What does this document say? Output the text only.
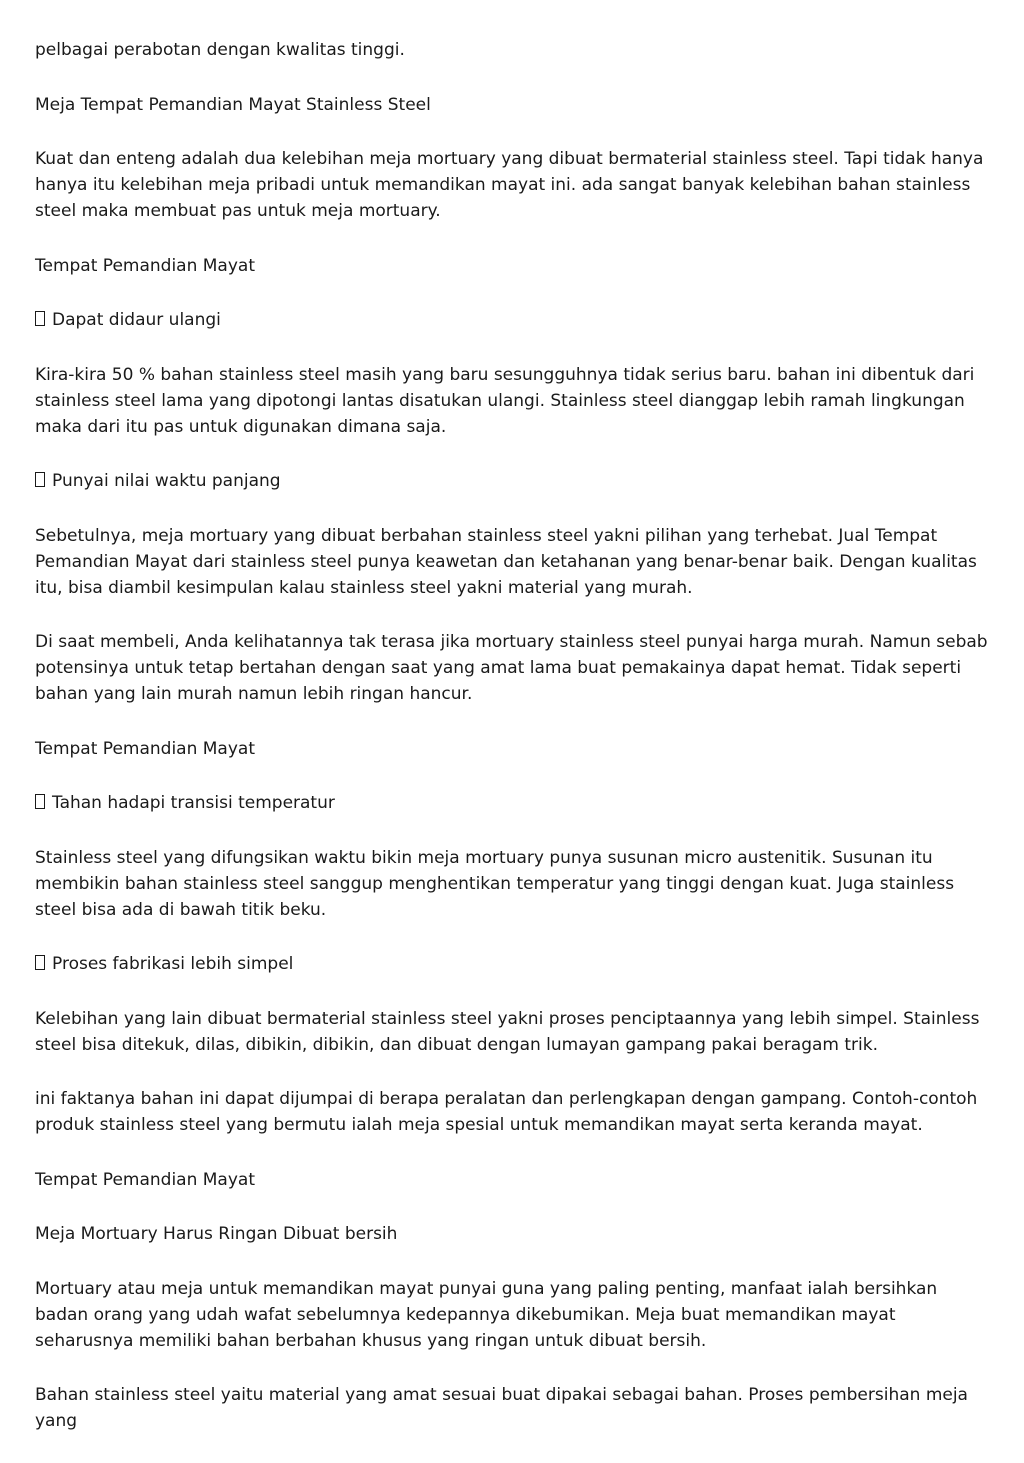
pelbagai perabotan dengan kwalitas tinggi.

Meja Tempat Pemandian Mayat Stainless Steel

Kuat dan enteng adalah dua kelebihan meja mortuary yang dibuat bermaterial stainless steel. Tapi tidak hanya hanya itu kelebihan meja pribadi untuk memandikan mayat ini. ada sangat banyak kelebihan bahan stainless steel maka membuat pas untuk meja mortuary.

Tempat Pemandian Mayat

Dapat didaur ulangi

Kira-kira 50 % bahan stainless steel masih yang baru sesungguhnya tidak serius baru. bahan ini dibentuk dari stainless steel lama yang dipotongi lantas disatukan ulangi. Stainless steel dianggap lebih ramah lingkungan maka dari itu pas untuk digunakan dimana saja.

Punyai nilai waktu panjang

Sebetulnya, meja mortuary yang dibuat berbahan stainless steel yakni pilihan yang terhebat. Jual Tempat Pemandian Mayat dari stainless steel punya keawetan dan ketahanan yang benar-benar baik. Dengan kualitas itu, bisa diambil kesimpulan kalau stainless steel yakni material yang murah.

Di saat membeli, Anda kelihatannya tak terasa jika mortuary stainless steel punyai harga murah. Namun sebab potensinya untuk tetap bertahan dengan saat yang amat lama buat pemakainya dapat hemat. Tidak seperti bahan yang lain murah namun lebih ringan hancur.

Tempat Pemandian Mayat

Tahan hadapi transisi temperatur

Stainless steel yang difungsikan waktu bikin meja mortuary punya susunan micro austenitik. Susunan itu membikin bahan stainless steel sanggup menghentikan temperatur yang tinggi dengan kuat. Juga stainless steel bisa ada di bawah titik beku.

Proses fabrikasi lebih simpel

Kelebihan yang lain dibuat bermaterial stainless steel yakni proses penciptaannya yang lebih simpel. Stainless steel bisa ditekuk, dilas, dibikin, dibikin, dan dibuat dengan lumayan gampang pakai beragam trik.

ini faktanya bahan ini dapat dijumpai di berapa peralatan dan perlengkapan dengan gampang. Contoh-contoh produk stainless steel yang bermutu ialah meja spesial untuk memandikan mayat serta keranda mayat.

Tempat Pemandian Mayat

Meja Mortuary Harus Ringan Dibuat bersih

Mortuary atau meja untuk memandikan mayat punyai guna yang paling penting, manfaat ialah bersihkan badan orang yang udah wafat sebelumnya kedepannya dikebumikan. Meja buat memandikan mayat seharusnya memiliki bahan berbahan khusus yang ringan untuk dibuat bersih.

Bahan stainless steel yaitu material yang amat sesuai buat dipakai sebagai bahan. Proses pembersihan meja yang
